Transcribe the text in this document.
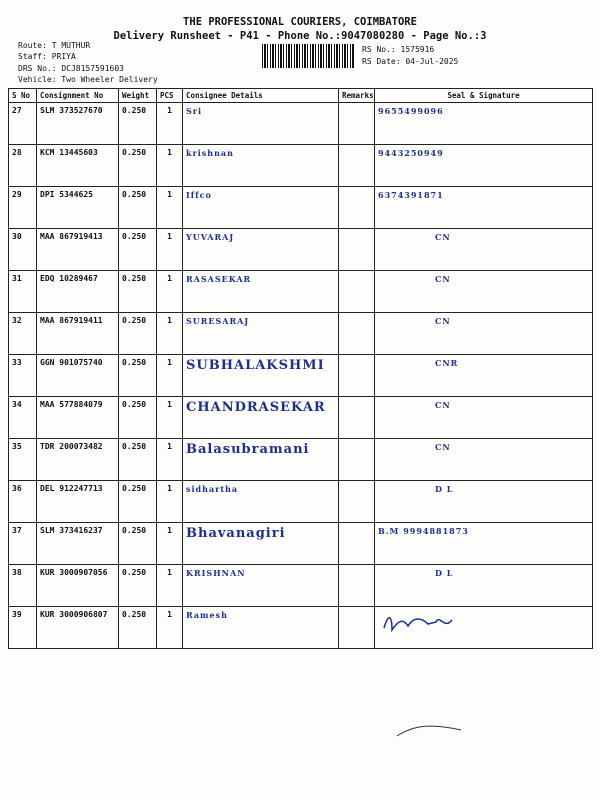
THE PROFESSIONAL COURIERS, COIMBATORE
Delivery Runsheet - P41 - Phone No.:9047080280 - Page No.:3
Route: T MUTHUR
Staff: PRIYA
DRS No.: DCJ8157591603
Vehicle: Two Wheeler Delivery
RS No.: 1575916
RS Date: 04-Jul-2025
S No	Consignment No	Weight	PCS	Consignee Details	Remarks	Seal & Signature
27	SLM 373527670	0.250	1	Sri		9655499096
28	KCM 13445603	0.250	1	krishnan		9443250949
29	DPI 5344625	0.250	1	Iffco		6374391871
30	MAA 867919413	0.250	1	YUVARAJ		CN
31	EDQ 10289467	0.250	1	RASASEKAR		CN
32	MAA 867919411	0.250	1	SURESARAJ		CN
33	GGN 901075740	0.250	1	SUBHALAKSHMI		CNR
34	MAA 577884079	0.250	1	CHANDRASEKAR		CN
35	TDR 200073482	0.250	1	Balasubramani		CN
36	DEL 912247713	0.250	1	sidhartha		D L
37	SLM 373416237	0.250	1	Bhavanagiri		B.M 9994881873
38	KUR 3000907056	0.250	1	KRISHNAN		D L
39	KUR 3000906807	0.250	1	Ramesh		
